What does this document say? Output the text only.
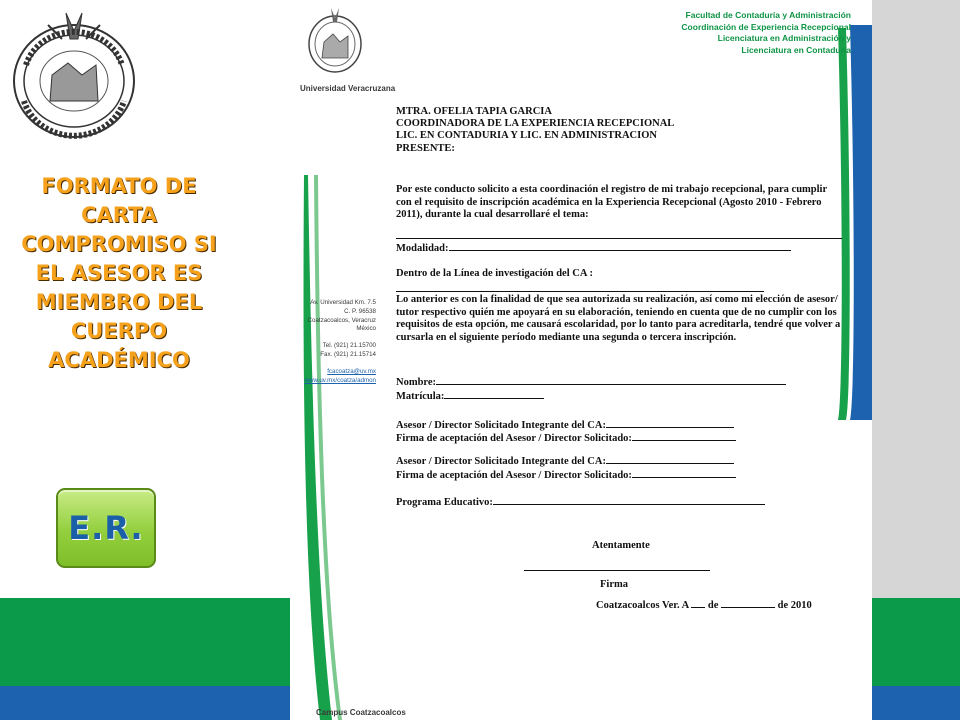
FORMATO DE
CARTA
COMPROMISO SI
EL ASESOR ES
MIEMBRO DEL
CUERPO
ACADÉMICO
E.R.
Universidad Veracruzana
Facultad de Contaduría y Administración
Coordinación de Experiencia Recepcional
Licenciatura en Administración y
Licenciatura en Contaduría
Av. Universidad Km. 7.5
C. P. 96538
Coatzacoalcos, Veracruz
México
Tel. (921) 21.15700
Fax. (921) 21.15714
fcacoatza@uv.mx
www.uv.mx/coatza/admon
Campus Coatzacoalcos
MTRA. OFELIA TAPIA GARCIA
COORDINADORA DE LA EXPERIENCIA RECEPCIONAL
LIC. EN CONTADURIA Y LIC. EN ADMINISTRACION
PRESENTE:
Por este conducto solicito a esta coordinación el registro de mi trabajo recepcional, para cumplir con el requisito de inscripción académica en la Experiencia Recepcional (Agosto 2010 - Febrero 2011), durante la cual desarrollaré el tema:
Modalidad:
Dentro de la Línea de investigación del CA :
Lo anterior es con la finalidad de que sea autorizada su realización, así como mi elección de asesor/ tutor respectivo quién me apoyará en su elaboración, teniendo en cuenta que de no cumplir con los requisitos de esta opción, me causará escolaridad, por lo tanto para acreditarla, tendré que volver a cursarla en el siguiente período mediante una segunda o tercera inscripción.
Nombre:
Matrícula:
Asesor / Director Solicitado Integrante del CA:
Firma de aceptación del Asesor / Director Solicitado:
Asesor / Director Solicitado Integrante del CA:
Firma de aceptación del Asesor / Director Solicitado:
Programa Educativo:
Atentamente
Firma
Coatzacoalcos Ver. A de	de 2010
